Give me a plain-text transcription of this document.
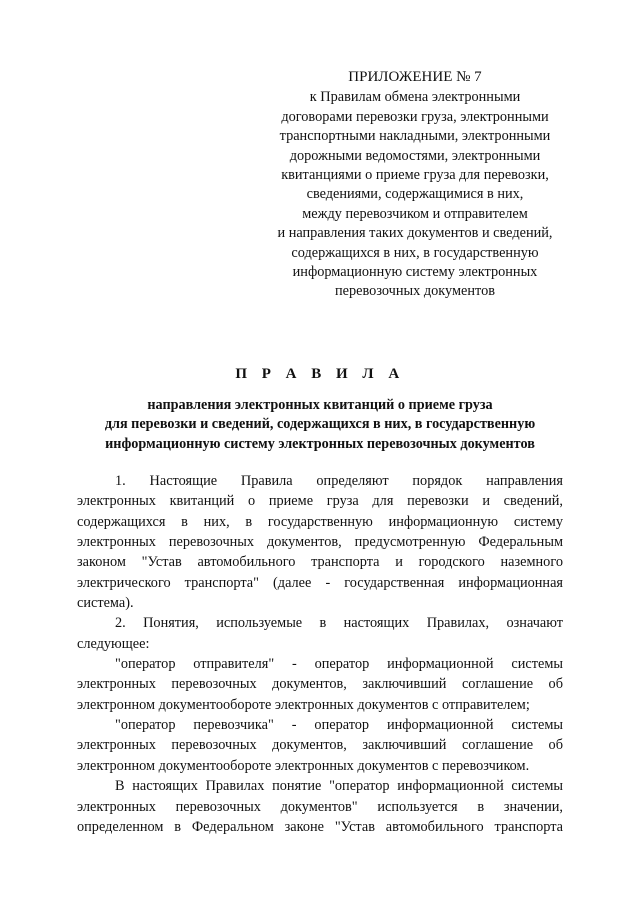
ПРИЛОЖЕНИЕ № 7
к Правилам обмена электронными
договорами перевозки груза, электронными
транспортными накладными, электронными
дорожными ведомостями, электронными
квитанциями о приеме груза для перевозки,
сведениями, содержащимися в них,
между перевозчиком и отправителем
и направления таких документов и сведений,
содержащихся в них, в государственную
информационную систему электронных
перевозочных документов
П Р А В И Л А
направления электронных квитанций о приеме груза
для перевозки и сведений, содержащихся в них, в государственную
информационную систему электронных перевозочных документов
1. Настоящие Правила определяют порядок направления
электронных квитанций о приеме груза для перевозки и сведений,
содержащихся в них, в государственную информационную систему
электронных перевозочных документов, предусмотренную Федеральным
законом "Устав автомобильного транспорта и городского наземного
электрического транспорта" (далее - государственная информационная
система).
2. Понятия, используемые в настоящих Правилах, означают
следующее:
"оператор отправителя" - оператор информационной системы
электронных перевозочных документов, заключивший соглашение об
электронном документообороте электронных документов с отправителем;
"оператор перевозчика" - оператор информационной системы
электронных перевозочных документов, заключивший соглашение об
электронном документообороте электронных документов с перевозчиком.
В настоящих Правилах понятие "оператор информационной системы
электронных перевозочных документов" используется в значении,
определенном в Федеральном законе "Устав автомобильного транспорта
